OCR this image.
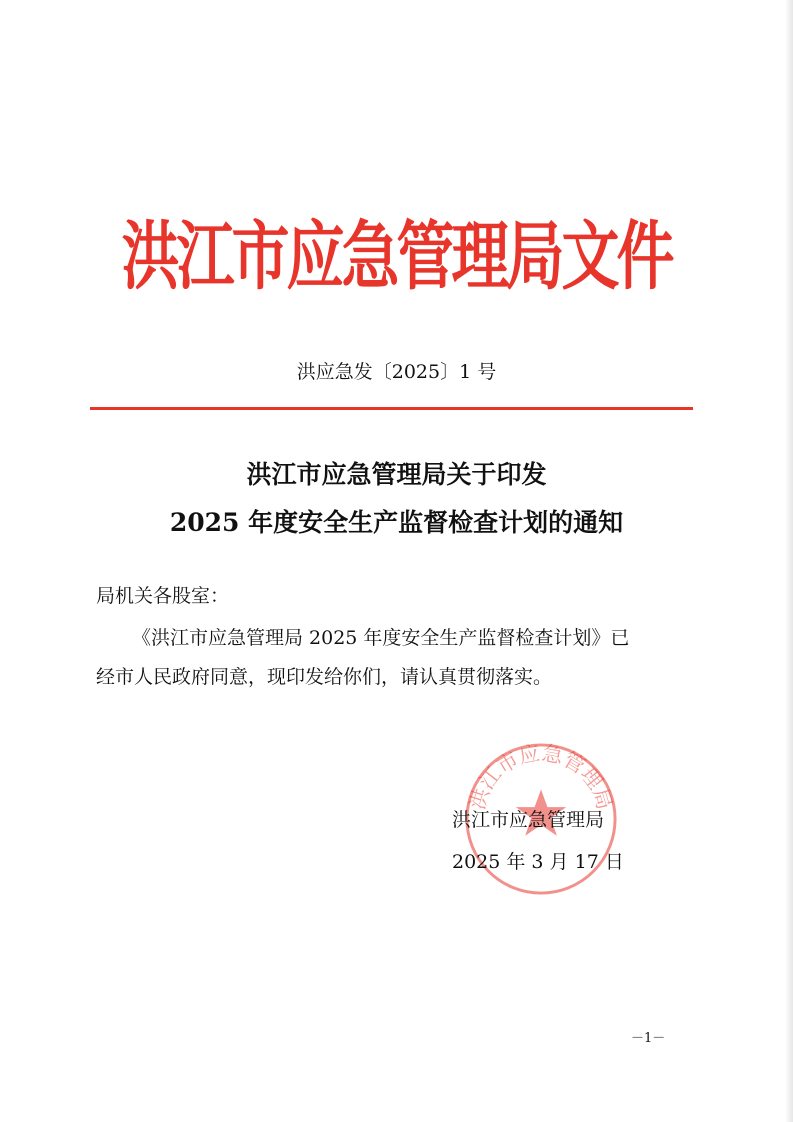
洪江市应急管理局文件
洪应急发〔2025〕1 号
洪江市应急管理局关于印发
2025 年度安全生产监督检查计划的通知
局机关各股室：
《洪江市应急管理局 2025 年度安全生产监督检查计划》已
经市人民政府同意，现印发给你们，请认真贯彻落实。
洪江市应急管理局
洪江市应急管理局
2025 年 3 月 17 日
－1－
